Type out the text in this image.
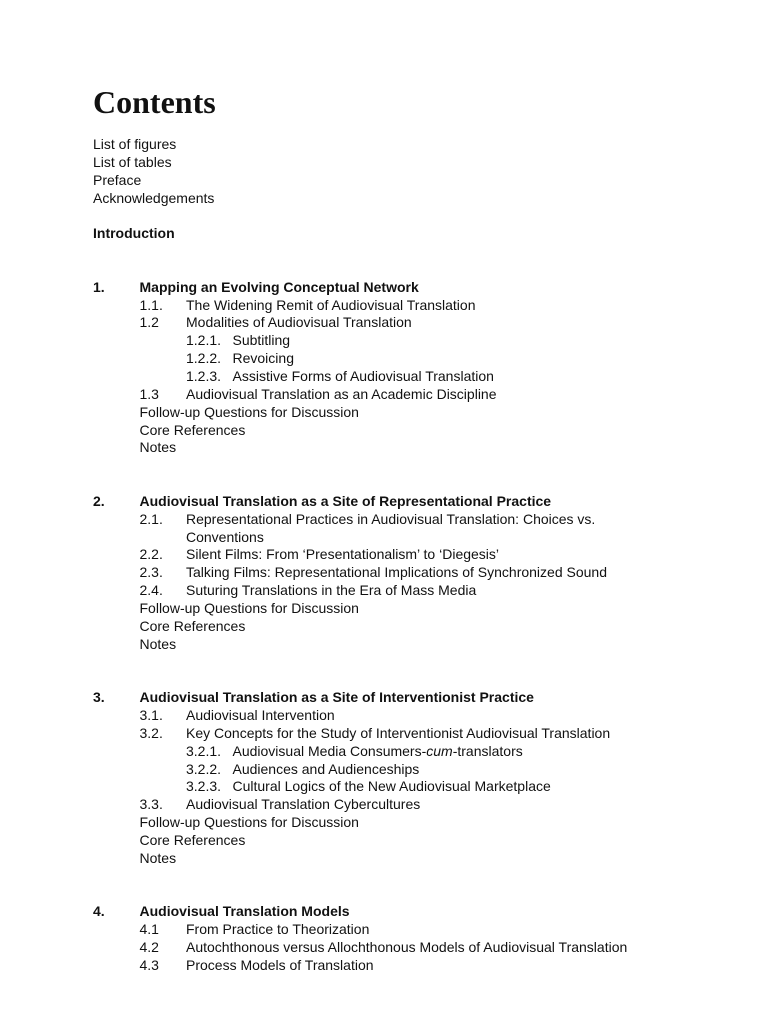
Contents
List of figures
List of tables
Preface
Acknowledgements
Introduction
1. Mapping an Evolving Conceptual Network
1.1. The Widening Remit of Audiovisual Translation
1.2 Modalities of Audiovisual Translation
1.2.1. Subtitling
1.2.2. Revoicing
1.2.3. Assistive Forms of Audiovisual Translation
1.3 Audiovisual Translation as an Academic Discipline
Follow-up Questions for Discussion
Core References
Notes
2. Audiovisual Translation as a Site of Representational Practice
2.1. Representational Practices in Audiovisual Translation: Choices vs.
Conventions
2.2. Silent Films: From ‘Presentationalism’ to ‘Diegesis’
2.3. Talking Films: Representational Implications of Synchronized Sound
2.4. Suturing Translations in the Era of Mass Media
Follow-up Questions for Discussion
Core References
Notes
3. Audiovisual Translation as a Site of Interventionist Practice
3.1. Audiovisual Intervention
3.2. Key Concepts for the Study of Interventionist Audiovisual Translation
3.2.1. Audiovisual Media Consumers-cum-translators
3.2.2. Audiences and Audienceships
3.2.3. Cultural Logics of the New Audiovisual Marketplace
3.3. Audiovisual Translation Cybercultures
Follow-up Questions for Discussion
Core References
Notes
4. Audiovisual Translation Models
4.1 From Practice to Theorization
4.2 Autochthonous versus Allochthonous Models of Audiovisual Translation
4.3 Process Models of Translation
